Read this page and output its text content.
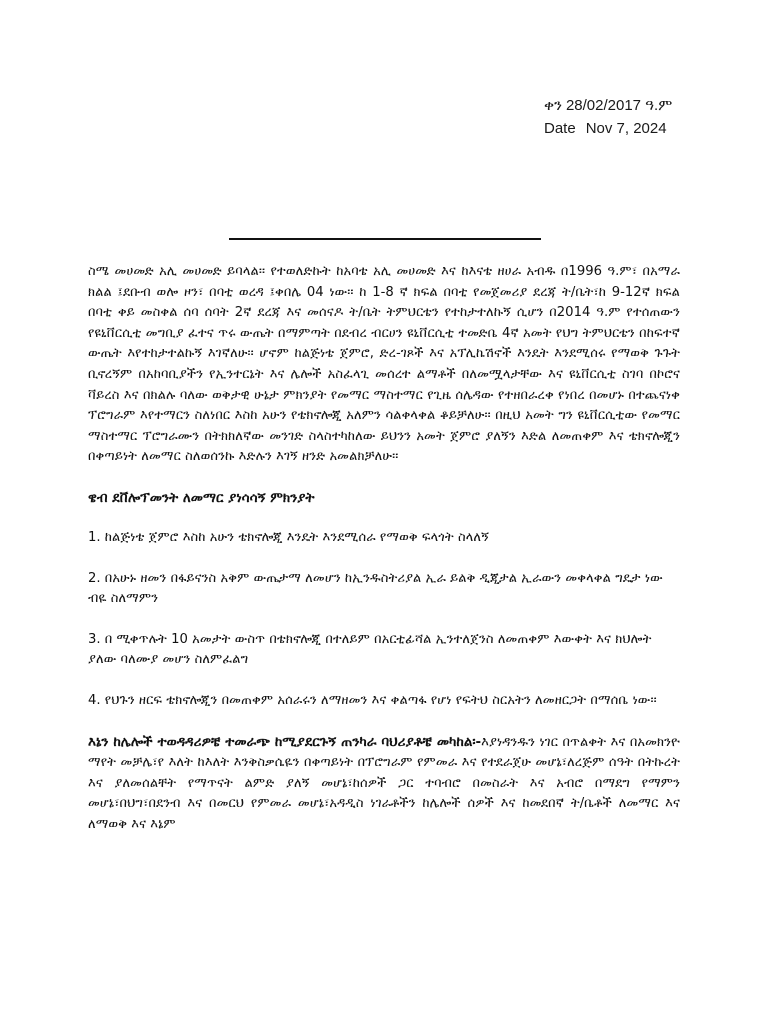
ቀን 28/02/2017 ዓ.ም
Date Nov 7, 2024

ስሜ መሀመድ አሊ መሀመድ ይባላል፡፡ የተወለድኩት ከአባቴ አሊ መሀመድ እና ከእናቴ ዘሀራ አብዱ በ1996 ዓ.ም፣ በአማራ ክልል ፤ደቡብ ወሎ ዞን፣ በባቲ ወረዳ ፤ቀበሌ 04 ነው፡፡ ከ 1-8 ኛ ክፍል በባቲ የመጀመሪያ ደረጃ ት/ቤት፣ከ 9-12ኛ ክፍል በባቲ ቀይ መስቀል ሰባ ሰባት 2ኛ ደረጃ እና መሰናዶ ት/ቤት ትምህርቴን የተከታተለኩኝ ሲሆን በ2014 ዓ.ም የተሰጠውን የዩኒቨርሲቲ መግቢያ ፈተና ጥሩ ውጤት በማምጣት በደብረ ብርሀን ዩኒቨርሲቲ ተመድቤ 4ኛ አመት የህግ ትምህርቴን በከፍተኛ ውጤት እየተከታተልኩኝ እገኛለሁ፡፡ ሆኖም ከልጅነቴ ጀምሮ, ድረ-ገጾች እና አፕሊኬሽኖች እንዴት እንደሚሰሩ የማወቅ ጉጉት ቢኖረኝም በአከባቢያችን የኢንተርኔት እና ሌሎች አስፈላጊ መሰረተ ልማቶች በለመሟላታቸው እና ዩኒቨርሲቲ ስገባ በኮሮና ቫይረስ እና በክልሉ ባለው ወቅታዊ ሁኔታ ምክንያት የመማር ማስተማር የጊዜ ሰሌዳው የተዘበራረቀ የነበረ በመሆኑ በተጨናነቀ ፕሮግራም እየተማርን ስለነበር እስከ አሁን የቴክኖሎጂ አለምን ሳልቀላቀል ቆይቻለሁ፡፡ በዚህ አመት ግን ዩኒቨርሲቲው የመማር ማስተማር ፕሮግራሙን በትክክለኛው መንገድ ስላስተካከለው ይህንን አመት ጀምሮ ያለኝን እድል ለመጠቀም እና ቴክኖሎጂን በቀጣይነት ለመማር ስለወሰንኩ እድሉን እገኝ ዘንድ አመልክቻለሁ፡፡

ዌብ ደቨሎፕመንት ለመማር ያነሳሳኝ ምክንያት
1. ከልጅነቴ ጀምሮ እስከ አሁን ቴክኖሎጂ እንዴት እንደሚሰራ የማወቅ ፍላጎት ስላለኝ
2. በአሁኑ ዘመን በፋይናንስ አቅም ውጤታማ ለመሆን ከኢንዱስትሪያል ኢራ ይልቅ ዲጂታል ኢራውን መቀላቀል ግዴታ ነው ብዬ ስለማምን
3. በ ሚቀጥሉት 10 አመታት ውስጥ በቴክኖሎጂ በተለይም በአርቲፊሻል ኢንተለጀንስ ለመጠቀም እውቀት እና ክህሎት ያለው ባለሙያ መሆን ስለምፈልግ
4. የህጉን ዘርፍ ቴክኖሎጂን በመጠቀም አሰራሩን ለማዘመን እና ቀልጣፋ የሆነ የፍትህ ስርአትን ለመዘርጋት በማሰቤ ነው፡፡

እኔን ከሌሎች ተወዳዳሪዎቼ ተመራጭ ከሚያደርጉኝ ጠንካራ ባህሪያቶቼ መካከል፡-እያነዳንዱን ነገር በጥልቀት እና በአመክንዮ ማየት መቻሌ፣የ እለት ከእለት እንቅስቃሴዬን በቀጣይነት በፕሮግራም የምመራ እና የተደራጀሁ መሆኔ፣ለረጅም ሰዓት በትኩረት እና ያለመሰልቸት የማጥናት ልምድ ያለኝ መሆኔ፣ከሰዎች ጋር ተባብሮ በመስራት እና አብሮ በማደግ የማምን መሆኔ፣በህግ፣በደንብ እና በመርህ የምመራ መሆኔ፣አዳዲስ ነገራቶችን ከሌሎች ሰዎች እና ከመደበኛ ት/ቤቶች ለመማር እና ለማወቅ እና እኔም
